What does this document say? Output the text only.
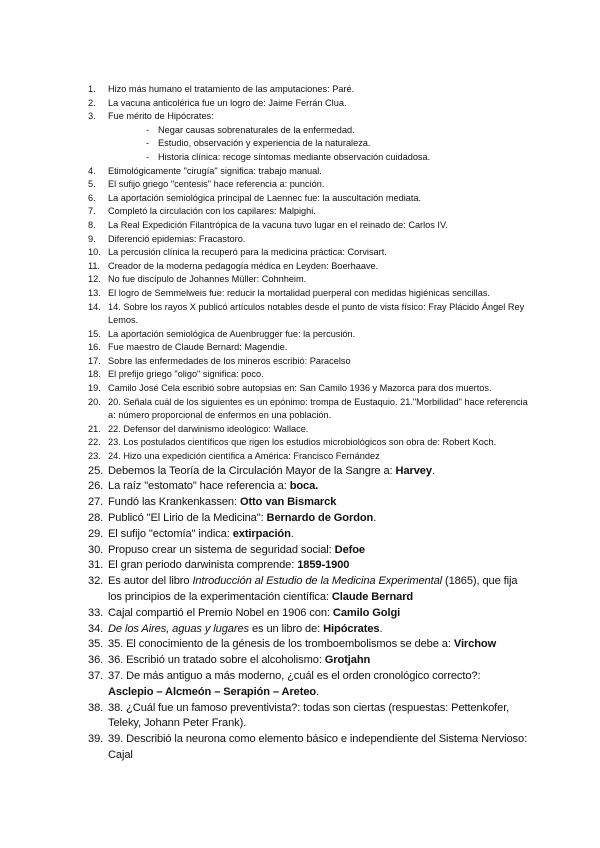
1.	Hizo más humano el tratamiento de las amputaciones: Paré.
2.	La vacuna anticolérica fue un logro de: Jaime Ferrán Clua.
3.	Fue mérito de Hipócrates:
- Negar causas sobrenaturales de la enfermedad.
- Estudio, observación y experiencia de la naturaleza.
- Historia clínica: recoge síntomas mediante observación cuidadosa.
4.	Etimológicamente "cirugía" significa: trabajo manual.
5.	El sufijo griego "centesis" hace referencia a: punción.
6.	La aportación semiológica principal de Laennec fue: la auscultación mediata.
7.	Completó la circulación con los capilares: Malpighi.
8.	La Real Expedición Filantrópica de la vacuna tuvo lugar en el reinado de: Carlos IV.
9.	Diferenció epidemias: Fracastoro.
10. La percusión clínica la recuperó para la medicina práctica: Corvisart.
11. Creador de la moderna pedagogía médica en Leyden: Boerhaave.
12. No fue discípulo de Johannes Müller: Cohnheim.
13. El logro de Semmelweis fue: reducir la mortalidad puerperal con medidas higiénicas sencillas.
14. 14. Sobre los rayos X publicó artículos notables desde el punto de vista físico: Fray Plácido Ángel Rey Lemos.
15. La aportación semiológica de Auenbrugger fue: la percusión.
16. Fue maestro de Claude Bernard: Magendie.
17. Sobre las enfermedades de los mineros escribió: Paracelso
18. El prefijo griego "oligo" significa: poco.
19. Camilo José Cela escribió sobre autopsias en: San Camilo 1936 y Mazorca para dos muertos.
20. 20. Señala cuál de los siguientes es un epónimo: trompa de Eustaquio. 21."Morbilidad" hace referencia a: número proporcional de enfermos en una población.
21. 22. Defensor del darwinismo ideológico: Wallace.
22. 23. Los postulados científicos que rigen los estudios microbiológicos son obra de: Robert Koch.
23. 24. Hizo una expedición científica a América: Francisco Fernández
25. Debemos la Teoría de la Circulación Mayor de la Sangre a: Harvey.
26. La raíz "estomato" hace referencia a: boca.
27. Fundó las Krankenkassen: Otto van Bismarck
28. Publicó "El Lirio de la Medicina": Bernardo de Gordon.
29. El sufijo "ectomía" indica: extirpación.
30. Propuso crear un sistema de seguridad social: Defoe
31. El gran periodo darwinista comprende: 1859-1900
32. Es autor del libro Introducción al Estudio de la Medicina Experimental (1865), que fija los principios de la experimentación científica: Claude Bernard
33. Cajal compartió el Premio Nobel en 1906 con: Camilo Golgi
34. De los Aires, aguas y lugares es un libro de: Hipócrates.
35. 35. El conocimiento de la génesis de los tromboembolismos se debe a: Virchow
36. 36. Escribió un tratado sobre el alcoholismo: Grotjahn
37. 37. De más antiguo a más moderno, ¿cuál es el orden cronológico correcto?: Asclepio – Alcmeón – Serapión – Areteo.
38. 38. ¿Cuál fue un famoso preventivista?: todas son ciertas (respuestas: Pettenkofer, Teleky, Johann Peter Frank).
39. 39. Describió la neurona como elemento básico e independiente del Sistema Nervioso: Cajal
